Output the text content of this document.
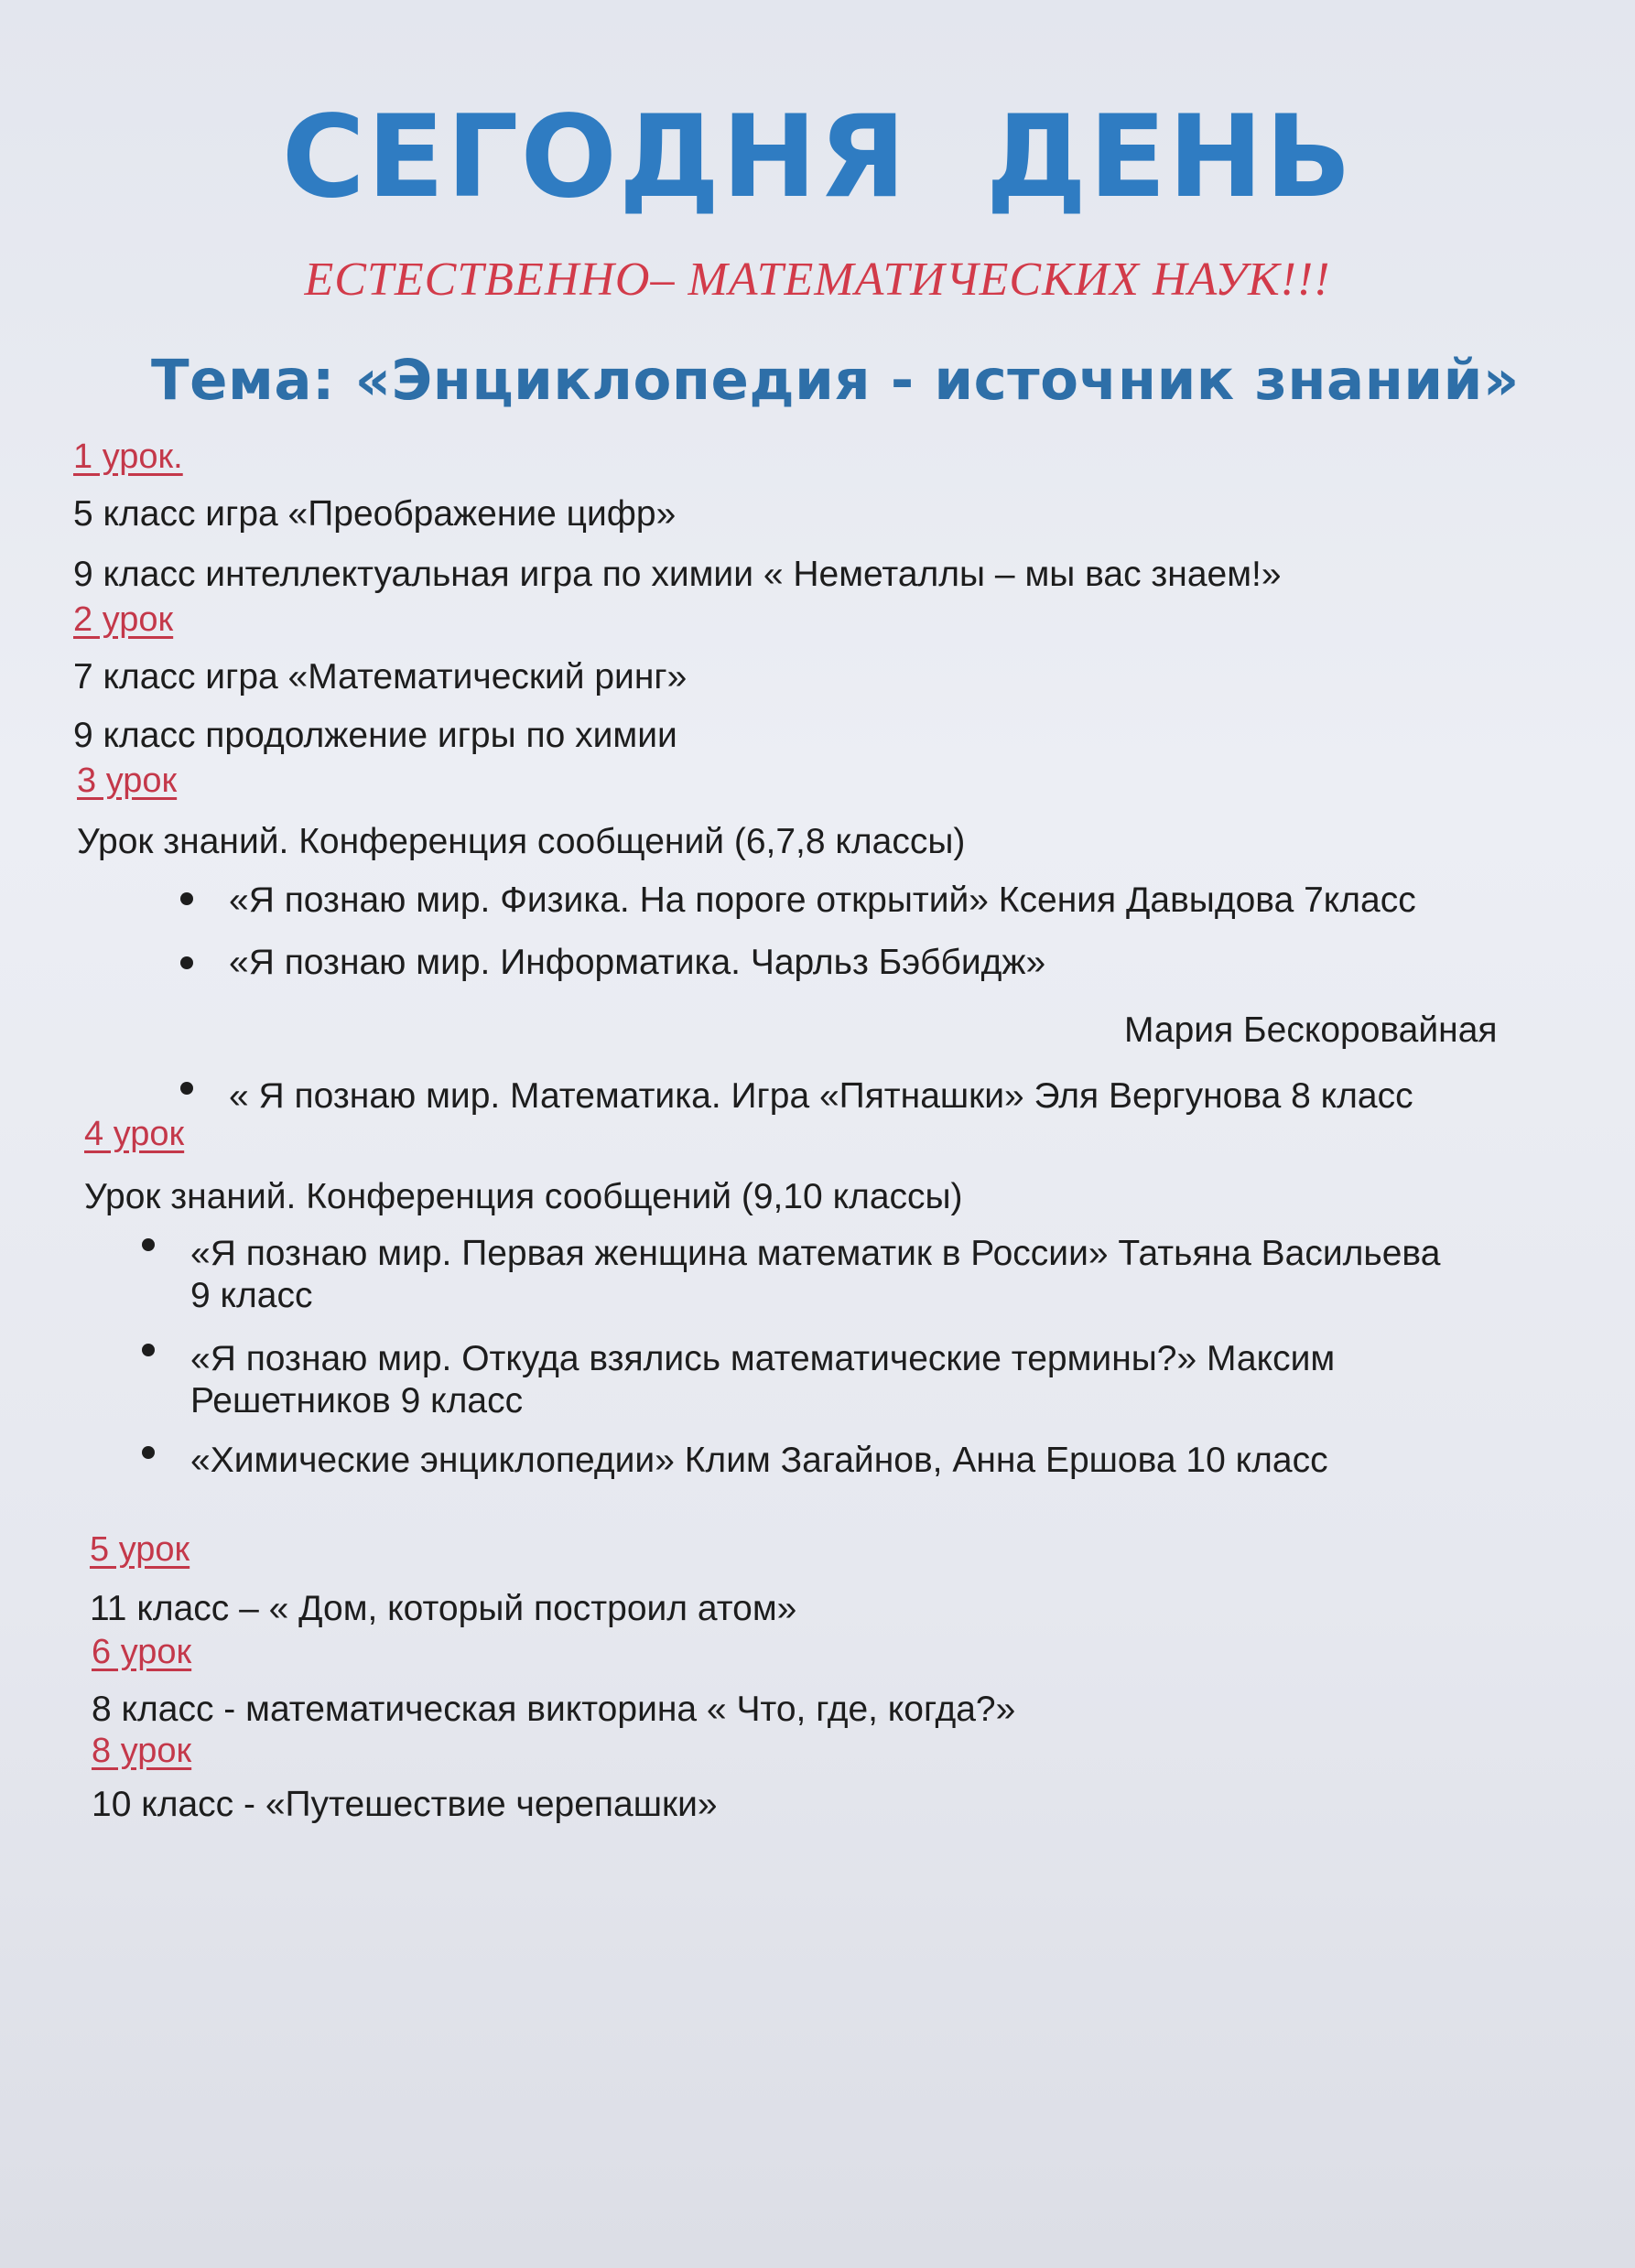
СЕГОДНЯ ДЕНЬ
ЕСТЕСТВЕННО– МАТЕМАТИЧЕСКИХ НАУК!!!
Тема: «Энциклопедия - источник знаний»

1 урок.

5 класс игра «Преображение цифр»

9 класс интеллектуальная игра по химии « Неметаллы – мы вас знаем!»

2 урок

7 класс игра «Математический ринг»

9 класс продолжение игры по химии

3 урок

Урок знаний. Конференция сообщений (6,7,8 классы)

«Я познаю мир. Физика. На пороге открытий» Ксения Давыдова 7класс

«Я познаю мир. Информатика. Чарльз Бэббидж»

Мария Бескоровайная

« Я познаю мир. Математика. Игра «Пятнашки» Эля Вергунова 8 класс

4 урок

Урок знаний. Конференция сообщений (9,10 классы)

«Я познаю мир. Первая женщина математик в России» Татьяна Васильева 9 класс

«Я познаю мир. Откуда взялись математические термины?» Максим Решетников 9 класс

«Химические энциклопедии» Клим Загайнов, Анна Ершова 10 класс

5 урок

11 класс – « Дом, который построил атом»

6 урок

8 класс - математическая викторина « Что, где, когда?»

8 урок

10 класс - «Путешествие черепашки»
